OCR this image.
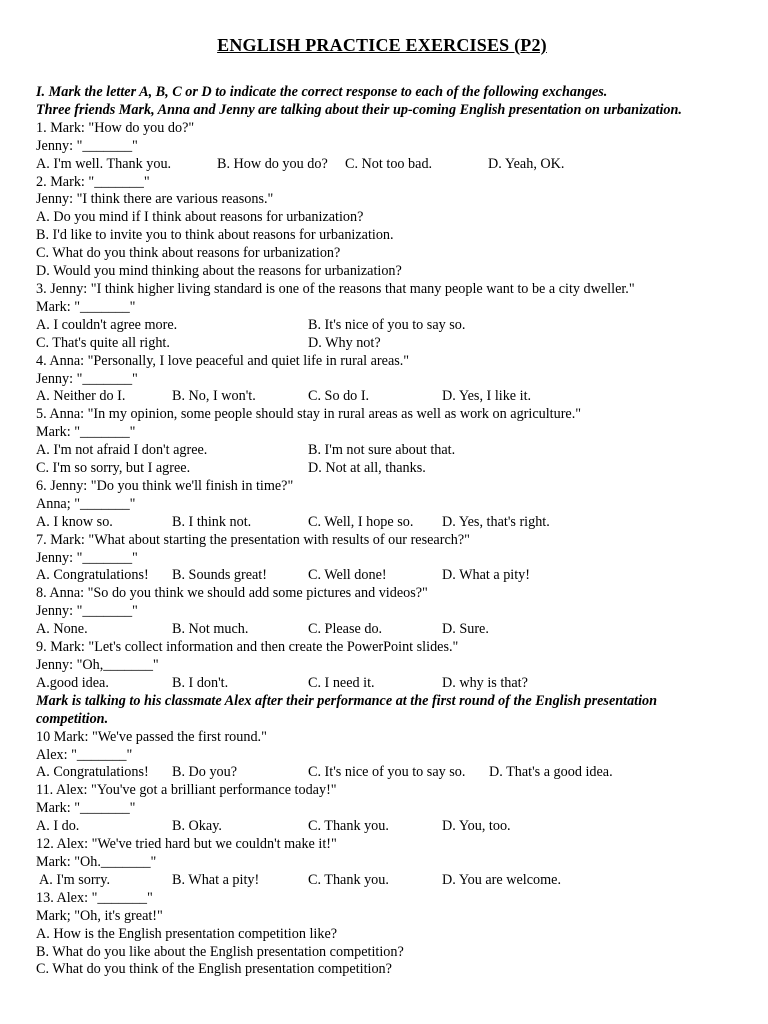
ENGLISH PRACTICE EXERCISES (P2)
I. Mark the letter A, B, C or D to indicate the correct response to each of the following exchanges.
Three friends Mark, Anna and Jenny are talking about their up-coming English presentation on urbanization.
1. Mark: "How do you do?"
Jenny: "_______"
A. I'm well. Thank you.	B. How do you do?	C. Not too bad.	D. Yeah, OK.
2. Mark: "_______"
Jenny: "I think there are various reasons."
A. Do you mind if I think about reasons for urbanization?
B. I'd like to invite you to think about reasons for urbanization.
C. What do you think about reasons for urbanization?
D. Would you mind thinking about the reasons for urbanization?
3. Jenny: "I think higher living standard is one of the reasons that many people want to be a city dweller."
Mark: "_______"
A. I couldn't agree more.	B. It's nice of you to say so.
C. That's quite all right.	D. Why not?
4. Anna: "Personally, I love peaceful and quiet life in rural areas."
Jenny: "_______"
A. Neither do I.	B. No, I won't.	C. So do I.	D. Yes, I like it.
5. Anna: "In my opinion, some people should stay in rural areas as well as work on agriculture."
Mark: "_______"
A. I'm not afraid I don't agree.	B. I'm not sure about that.
C. I'm so sorry, but I agree.	D. Not at all, thanks.
6. Jenny: "Do you think we'll finish in time?"
Anna; "_______"
A. I know so.	B. I think not.	C. Well, I hope so.	D. Yes, that's right.
7. Mark: "What about starting the presentation with results of our research?"
Jenny: "_______"
A. Congratulations!	B. Sounds great!	C. Well done!	D. What a pity!
8. Anna: "So do you think we should add some pictures and videos?"
Jenny: "_______"
A. None.	B. Not much.	C. Please do.	D. Sure.
9. Mark: "Let's collect information and then create the PowerPoint slides."
Jenny: "Oh,_______"
A.good idea.	B. I don't.	C. I need it.	D. why is that?
Mark is talking to his classmate Alex after their performance at the first round of the English presentation competition.
10 Mark: "We've passed the first round."
Alex: "_______"
A. Congratulations!	B. Do you?	C. It's nice of you to say so.	D. That's a good idea.
11. Alex: "You've got a brilliant performance today!"
Mark: "_______"
A. I do.	B. Okay.	C. Thank you.	D. You, too.
12. Alex: "We've tried hard but we couldn't make it!"
Mark: "Oh._______"
A. I'm sorry.	B. What a pity!	C. Thank you.	D. You are welcome.
13. Alex: "_______"
Mark; "Oh, it's great!"
A. How is the English presentation competition like?
B. What do you like about the English presentation competition?
C. What do you think of the English presentation competition?
